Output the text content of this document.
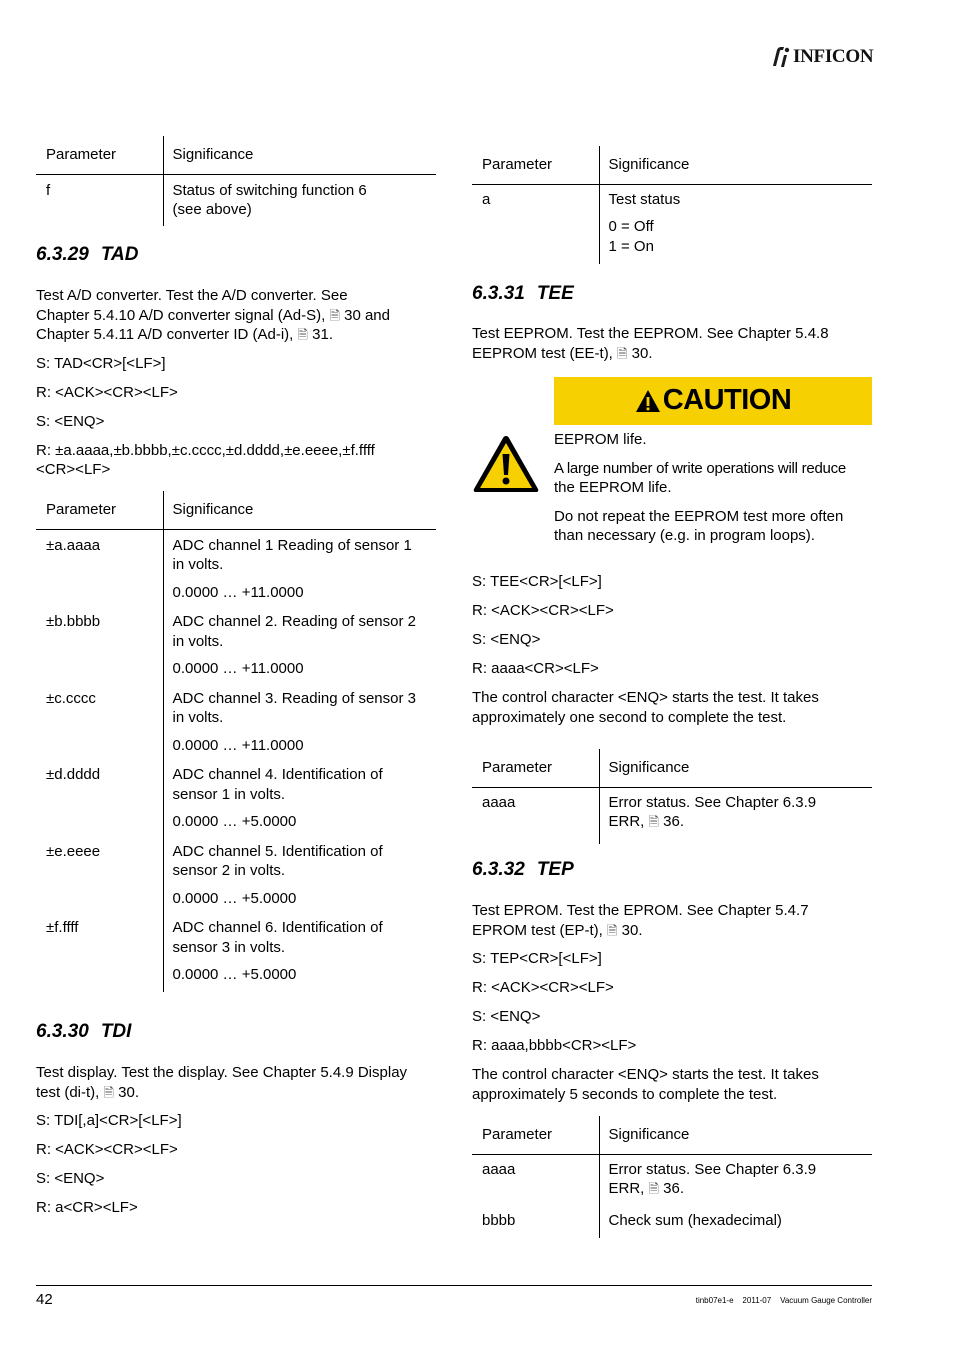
INFICON
Parameter	Significance
f	Status of switching function 6
(see above)
6.3.29 TAD

Test A/D converter. Test the A/D converter. See

Chapter 5.4.10 A/D converter signal (Ad-S), 🗎 30 and

Chapter 5.4.11 A/D converter ID (Ad-i), 🗎 31.

S: TAD<CR>[<LF>]

R: <ACK><CR><LF>

S: <ENQ>

R: ±a.aaaa,±b.bbbb,±c.cccc,±d.dddd,±e.eeee,±f.ffff

<CR><LF>

Parameter	Significance
±a.aaaa	ADC channel 1 Reading of sensor 1
in volts.
0.0000 … +11.0000

±b.bbbb	ADC channel 2. Reading of sensor 2
in volts.
0.0000 … +11.0000

±c.cccc	ADC channel 3. Reading of sensor 3
in volts.
0.0000 … +11.0000

±d.dddd	ADC channel 4. Identification of
sensor 1 in volts.
0.0000 … +5.0000

±e.eeee	ADC channel 5. Identification of
sensor 2 in volts.
0.0000 … +5.0000

±f.ffff	ADC channel 6. Identification of
sensor 3 in volts.
0.0000 … +5.0000
6.3.30 TDI

Test display. Test the display. See Chapter 5.4.9 Display

test (di-t), 🗎 30.

S: TDI[,a]<CR>[<LF>]

R: <ACK><CR><LF>

S: <ENQ>

R: a<CR><LF>

Parameter	Significance
a	Test status
0 = Off
1 = On
6.3.31 TEE

Test EEPROM. Test the EEPROM. See Chapter 5.4.8

EEPROM test (EE-t), 🗎 30.

CAUTION

EEPROM life.

A large number of write operations will reduce

the EEPROM life.

Do not repeat the EEPROM test more often

than necessary (e.g. in program loops).

S: TEE<CR>[<LF>]

R: <ACK><CR><LF>

S: <ENQ>

R: aaaa<CR><LF>

The control character <ENQ> starts the test. It takes

approximately one second to complete the test.

Parameter	Significance
aaaa	Error status. See Chapter 6.3.9
ERR, 🗎 36.
6.3.32 TEP

Test EPROM. Test the EPROM. See Chapter 5.4.7

EPROM test (EP-t), 🗎 30.

S: TEP<CR>[<LF>]

R: <ACK><CR><LF>

S: <ENQ>

R: aaaa,bbbb<CR><LF>

The control character <ENQ> starts the test. It takes

approximately 5 seconds to complete the test.

Parameter	Significance
aaaa	Error status. See Chapter 6.3.9
ERR, 🗎 36.

bbbb	Check sum (hexadecimal)
42	tinb07e1-e    2011-07    Vacuum Gauge Controller
